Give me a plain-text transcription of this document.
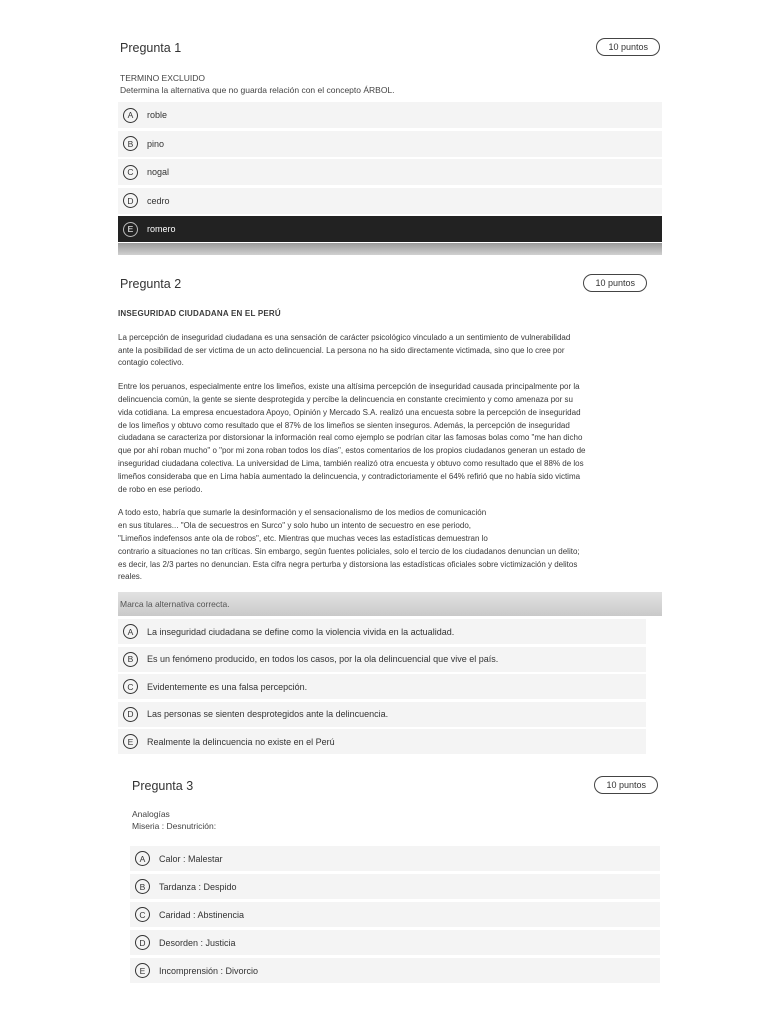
Pregunta 1	10 puntos
TERMINO EXCLUIDO
Determina la alternativa que no guarda relación con el concepto ÁRBOL.
A	roble
B	pino
C	nogal
D	cedro
E	romero
Pregunta 2	10 puntos
INSEGURIDAD CIUDADANA EN EL PERÚ
La percepción de inseguridad ciudadana es una sensación de carácter psicológico vinculado a un sentimiento de vulnerabilidad
ante la posibilidad de ser victima de un acto delincuencial. La persona no ha sido directamente victimada, sino que lo cree por
contagio colectivo.
Entre los peruanos, especialmente entre los limeños, existe una altísima percepción de inseguridad causada principalmente por la
delincuencia común, la gente se siente desprotegida y percibe la delincuencia en constante crecimiento y como amenaza por su
vida cotidiana. La empresa encuestadora Apoyo, Opinión y Mercado S.A. realizó una encuesta sobre la percepción de inseguridad
de los limeños y obtuvo como resultado que el 87% de los limeños se sienten inseguros. Además, la percepción de inseguridad
ciudadana se caracteriza por distorsionar la información real como ejemplo se podrían citar las famosas bolas como "me han dicho
que por ahí roban mucho" o "por mi zona roban todos los días", estos comentarios de los propios ciudadanos generan un estado de
inseguridad ciudadana colectiva. La universidad de Lima, también realizó otra encuesta y obtuvo como resultado que el 88% de los
limeños consideraba que en Lima había aumentado la delincuencia, y contradictoriamente el 64% refirió que no había sido victima
de robo en ese periodo.
A todo esto, habría que sumarle la desinformación y el sensacionalismo de los medios de comunicación
en sus titulares... "Ola de secuestros en Surco" y solo hubo un intento de secuestro en ese periodo,
"Limeños indefensos ante ola de robos", etc. Mientras que muchas veces las estadísticas demuestran lo
contrario a situaciones no tan críticas. Sin embargo, según fuentes policiales, solo el tercio de los ciudadanos denuncian un delito;
es decir, las 2/3 partes no denuncian. Esta cifra negra perturba y distorsiona las estadísticas oficiales sobre victimización y delitos
reales.
Marca la alternativa correcta.
A	La inseguridad ciudadana se define como la violencia vivida en la actualidad.
B	Es un fenómeno producido, en todos los casos, por la ola delincuencial que vive el país.
C	Evidentemente es una falsa percepción.
D	Las personas se sienten desprotegidos ante la delincuencia.
E	Realmente la delincuencia no existe en el Perú
Pregunta 3	10 puntos
Analogías
Miseria : Desnutrición:
A	Calor : Malestar
B	Tardanza : Despido
C	Caridad : Abstinencia
D	Desorden : Justicia
E	Incomprensión : Divorcio
